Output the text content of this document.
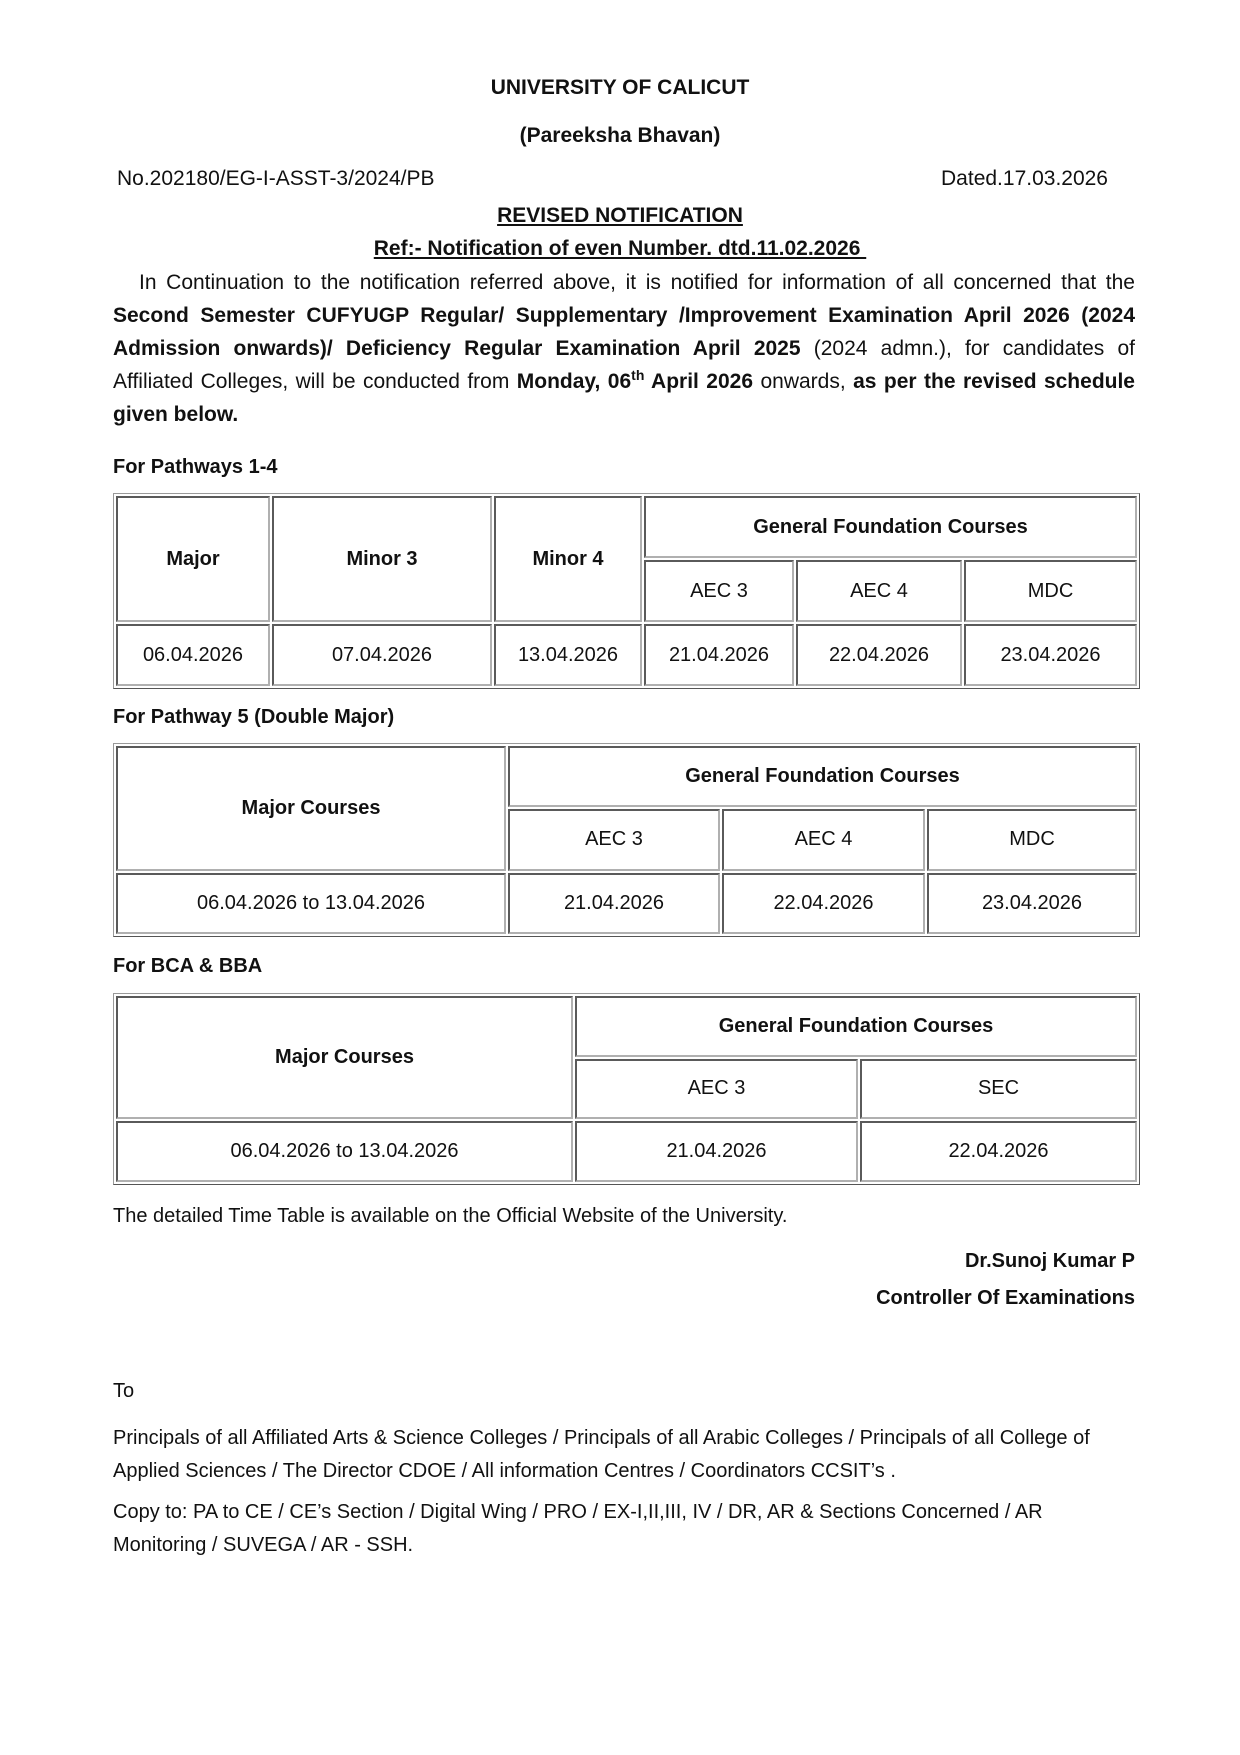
UNIVERSITY OF CALICUT
(Pareeksha Bhavan)
No.202180/EG-I-ASST-3/2024/PB	Dated.17.03.2026
REVISED NOTIFICATION
Ref:- Notification of even Number. dtd.11.02.2026
In Continuation to the notification referred above, it is notified for information of all concerned that the Second Semester CUFYUGP Regular/ Supplementary /Improvement Examination April 2026 (2024 Admission onwards)/ Deficiency Regular Examination April 2025 (2024 admn.), for candidates of Affiliated Colleges, will be conducted from Monday, 06th April 2026 onwards, as per the revised schedule given below.
For Pathways 1-4
Major	Minor 3	Minor 4	General Foundation Courses		
			AEC 3	AEC 4	MDC
06.04.2026	07.04.2026	13.04.2026	21.04.2026	22.04.2026	23.04.2026
For Pathway 5 (Double Major)
Major Courses	General Foundation Courses		
	AEC 3	AEC 4	MDC
06.04.2026 to 13.04.2026	21.04.2026	22.04.2026	23.04.2026
For BCA & BBA
Major Courses	General Foundation Courses	
	AEC 3	SEC
06.04.2026 to 13.04.2026	21.04.2026	22.04.2026
The detailed Time Table is available on the Official Website of the University.
Dr.Sunoj Kumar P
Controller Of Examinations
To
Principals of all Affiliated Arts & Science Colleges / Principals of all Arabic Colleges / Principals of all College of Applied Sciences / The Director CDOE / All information Centres / Coordinators CCSIT’s .
Copy to: PA to CE / CE’s Section / Digital Wing / PRO / EX-I,II,III, IV / DR, AR & Sections Concerned / AR Monitoring / SUVEGA / AR - SSH.
